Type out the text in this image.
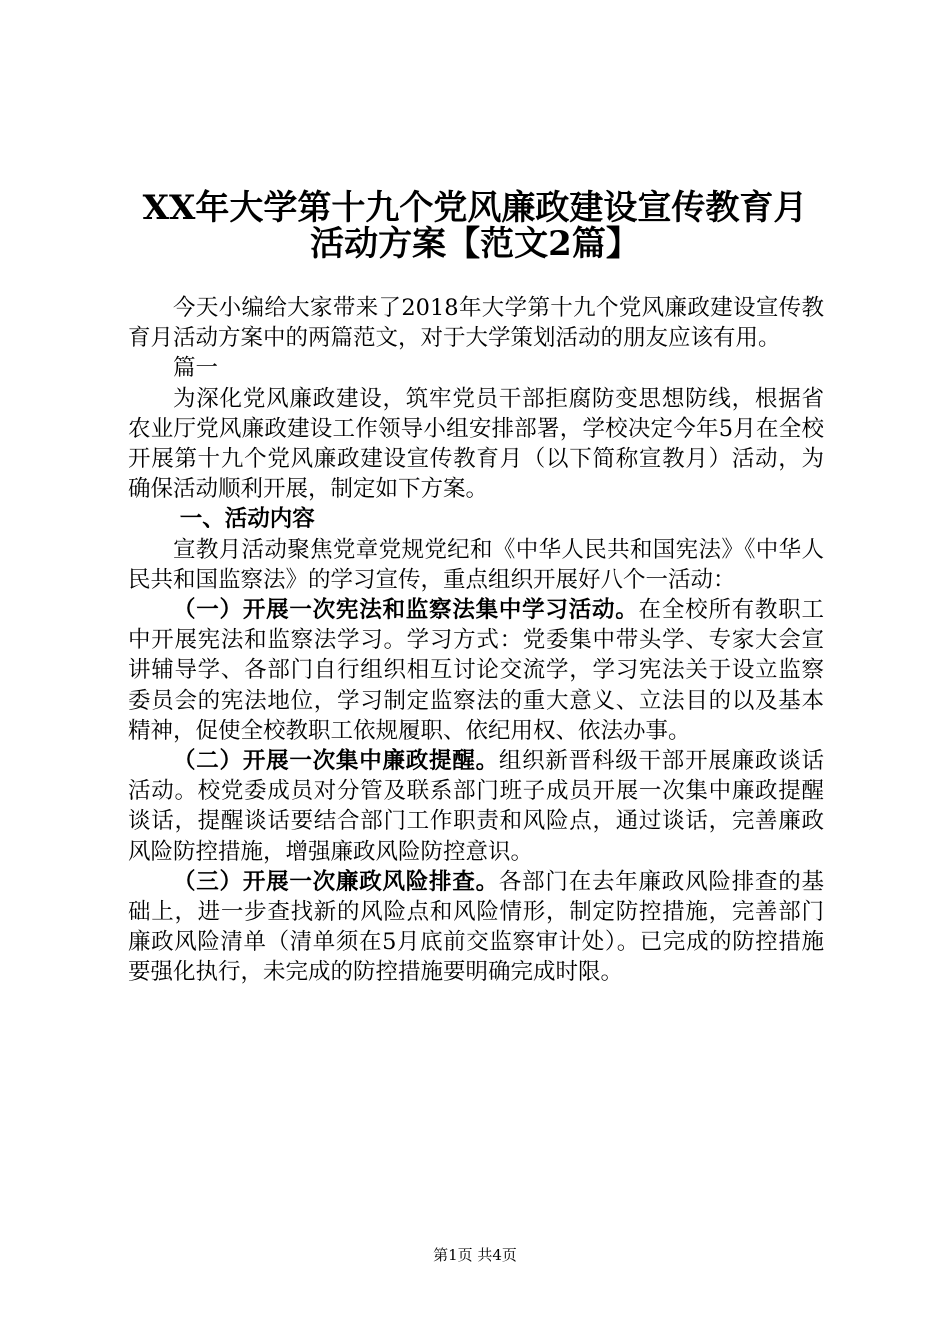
XX年大学第十九个党风廉政建设宣传教育月
活动方案【范文2篇】

今天小编给大家带来了2018年大学第十九个党风廉政建设宣传教育月活动方案中的两篇范文，对于大学策划活动的朋友应该有用。

篇一

为深化党风廉政建设，筑牢党员干部拒腐防变思想防线，根据省农业厅党风廉政建设工作领导小组安排部署，学校决定今年5月在全校开展第十九个党风廉政建设宣传教育月（以下简称宣教月）活动，为确保活动顺利开展，制定如下方案。

一、活动内容

宣教月活动聚焦党章党规党纪和《中华人民共和国宪法》《中华人民共和国监察法》的学习宣传，重点组织开展好八个一活动：

（一）开展一次宪法和监察法集中学习活动。在全校所有教职工中开展宪法和监察法学习。学习方式：党委集中带头学、专家大会宣讲辅导学、各部门自行组织相互讨论交流学，学习宪法关于设立监察委员会的宪法地位，学习制定监察法的重大意义、立法目的以及基本精神，促使全校教职工依规履职、依纪用权、依法办事。

（二）开展一次集中廉政提醒。组织新晋科级干部开展廉政谈话活动。校党委成员对分管及联系部门班子成员开展一次集中廉政提醒谈话，提醒谈话要结合部门工作职责和风险点，通过谈话，完善廉政风险防控措施，增强廉政风险防控意识。

（三）开展一次廉政风险排查。各部门在去年廉政风险排查的基础上，进一步查找新的风险点和风险情形，制定防控措施，完善部门廉政风险清单（清单须在5月底前交监察审计处）。已完成的防控措施要强化执行，未完成的防控措施要明确完成时限。

第1页 共4页
